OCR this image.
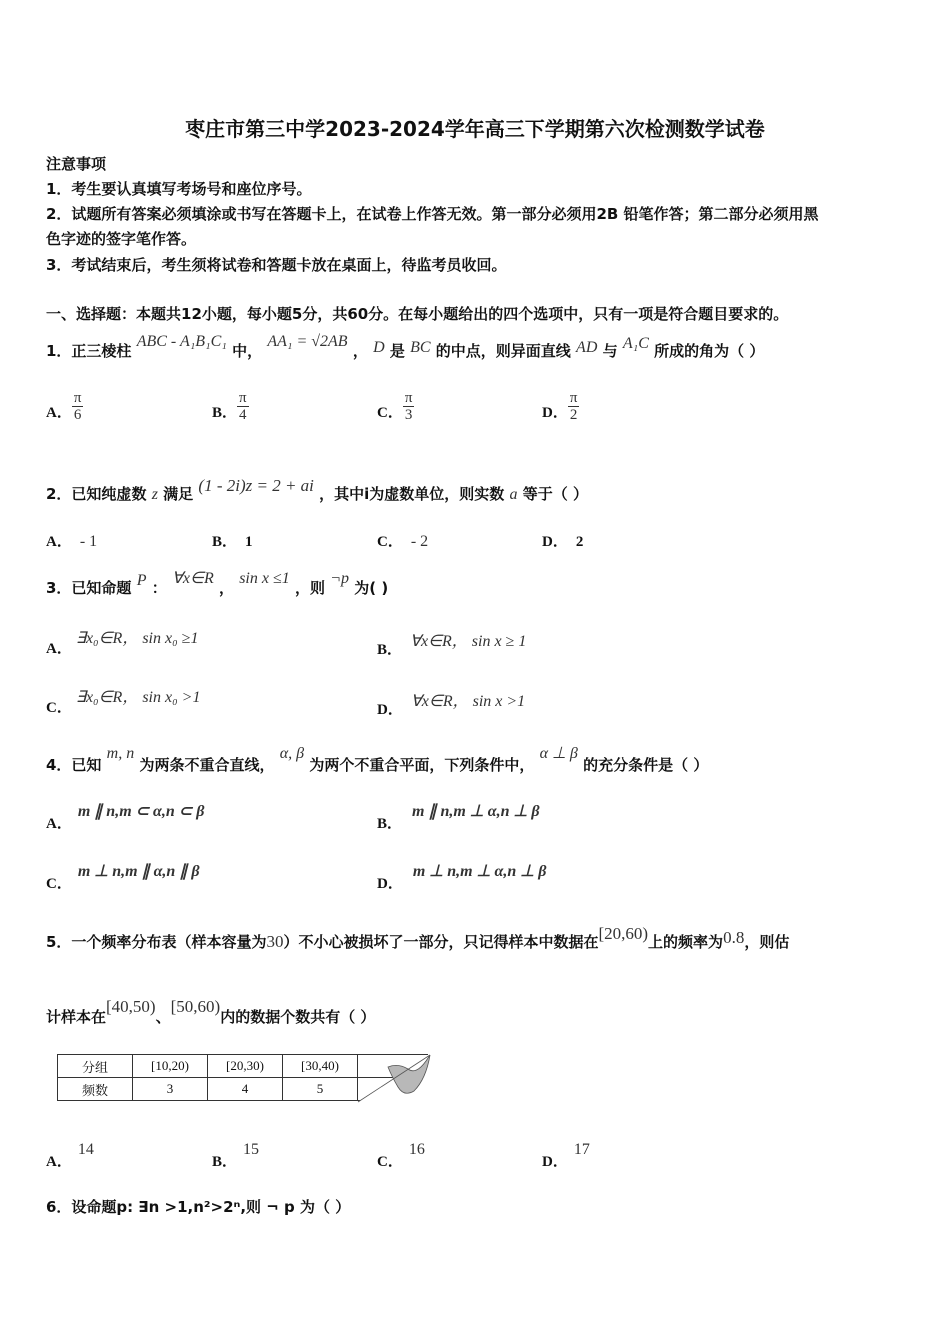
枣庄市第三中学2023-2024学年高三下学期第六次检测数学试卷
注意事项
1．考生要认真填写考场号和座位序号。
2．试题所有答案必须填涂或书写在答题卡上，在试卷上作答无效。第一部分必须用2B 铅笔作答；第二部分必须用黑
色字迹的签字笔作答。
3．考试结束后，考生须将试卷和答题卡放在桌面上，待监考员收回。
一、选择题：本题共12小题，每小题5分，共60分。在每小题给出的四个选项中，只有一项是符合题目要求的。
1．正三棱柱 ABC - A₁B₁C₁ 中， AA₁ = √2AB ， D 是 BC 的中点，则异面直线 AD 与 A₁C 所成的角为（ ）
A． $\frac{\pi}{6}$	B． $\frac{\pi}{4}$	C． $\frac{\pi}{3}$	D． $\frac{\pi}{2}$
2．已知纯虚数 z 满足 (1 - 2i)z = 2 + ai ，其中i为虚数单位，则实数 a 等于（ ）
A． - 1	B． 1	C． - 2	D． 2
3．已知命题 P ： ∀x∈R ， sin x ≤1 ，则 ¬p 为( )
A．∃x₀∈R， sin x₀ ≥1
B． ∀x∈R， sin x ≥ 1
C．∃x₀∈R， sin x₀ >1
D． ∀x∈R， sin x >1
4．已知 m, n 为两条不重合直线， α, β 为两个不重合平面，下列条件中， α ⊥ β 的充分条件是（ ）
A．m ∥ n,m ⊂ α,n ⊂ β
B．m ∥ n,m ⊥ α,n ⊥ β
C．m ⊥ n,m ∥ α,n ∥ β
D．m ⊥ n,m ⊥ α,n ⊥ β
5．一个频率分布表（样本容量为30）不小心被损坏了一部分，只记得样本中数据在[20,60)上的频率为0.8，则估
计样本在[40,50)、[50,60)内的数据个数共有（ ）
分组	[10,20)	[20,30)	[30,40)	
频数	3	4	5	
A．14
B．15
C．16
D．17
6．设命题p: ∃n >1,n²>2ⁿ,则 ¬ p 为（ ）
